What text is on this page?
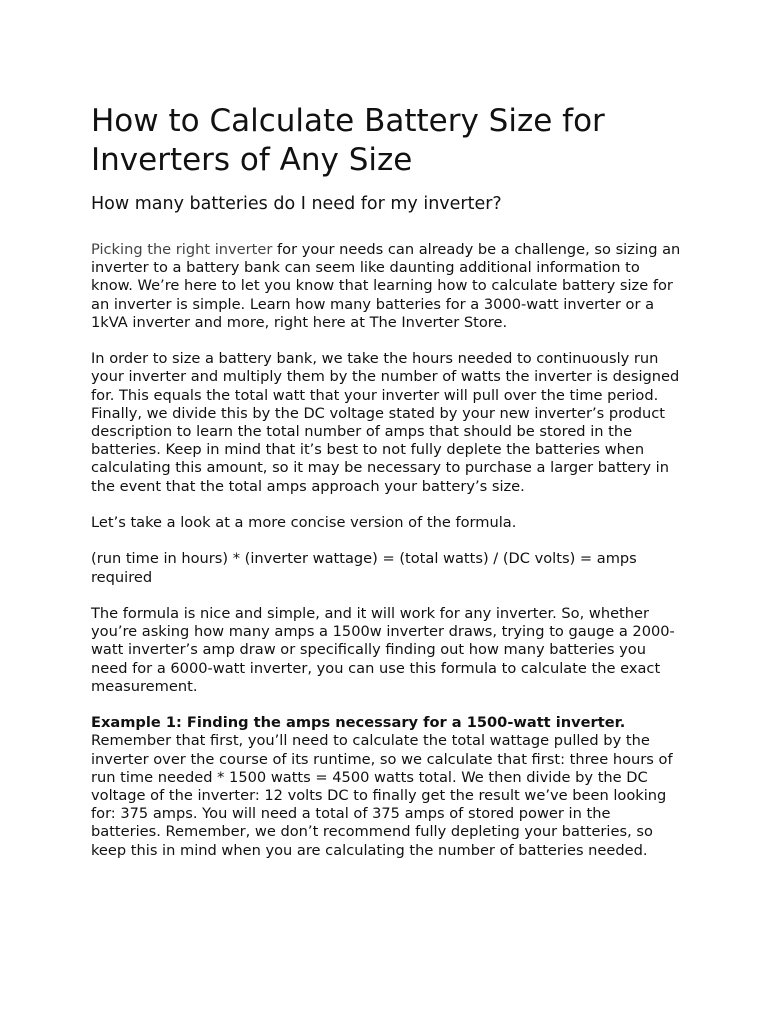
How to Calculate Battery Size for Inverters of Any Size
How many batteries do I need for my inverter?

Picking the right inverter for your needs can already be a challenge, so sizing an inverter to a battery bank can seem like daunting additional information to know. We’re here to let you know that learning how to calculate battery size for an inverter is simple. Learn how many batteries for a 3000-watt inverter or a 1kVA inverter and more, right here at The Inverter Store.

In order to size a battery bank, we take the hours needed to continuously run your inverter and multiply them by the number of watts the inverter is designed for. This equals the total watt that your inverter will pull over the time period. Finally, we divide this by the DC voltage stated by your new inverter’s product description to learn the total number of amps that should be stored in the batteries. Keep in mind that it’s best to not fully deplete the batteries when calculating this amount, so it may be necessary to purchase a larger battery in the event that the total amps approach your battery’s size.

Let’s take a look at a more concise version of the formula.

(run time in hours) * (inverter wattage) = (total watts) / (DC volts) = amps required

The formula is nice and simple, and it will work for any inverter. So, whether you’re asking how many amps a 1500w inverter draws, trying to gauge a 2000-watt inverter’s amp draw or specifically finding out how many batteries you need for a 6000-watt inverter, you can use this formula to calculate the exact measurement.

Example 1: Finding the amps necessary for a 1500-watt inverter.
Remember that first, you’ll need to calculate the total wattage pulled by the inverter over the course of its runtime, so we calculate that first: three hours of run time needed * 1500 watts = 4500 watts total. We then divide by the DC voltage of the inverter: 12 volts DC to finally get the result we’ve been looking for: 375 amps. You will need a total of 375 amps of stored power in the batteries. Remember, we don’t recommend fully depleting your batteries, so keep this in mind when you are calculating the number of batteries needed.
